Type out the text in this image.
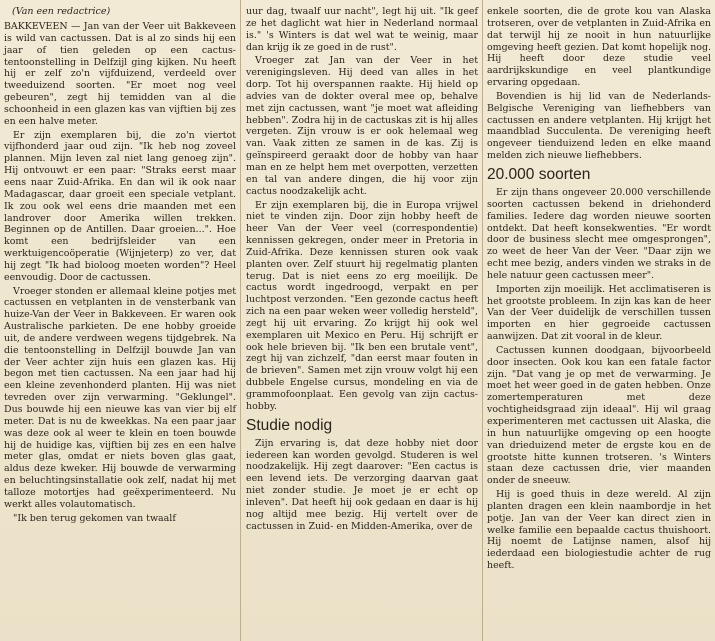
(Van een redactrice)

BAKKEVEEN — Jan van der Veer uit Bakkeveen is wild van cactussen. Dat is al zo sinds hij een jaar of tien geleden op een cactus-tentoonstelling in Delfzijl ging kijken. Nu heeft hij er zelf zo'n vijfduizend, verdeeld over tweeduizend soorten. "Er moet nog veel gebeuren", zegt hij temidden van al die schoonheid in een glazen kas van vijftien bij zes en een halve meter.

Er zijn exemplaren bij, die zo'n viertot vijfhonderd jaar oud zijn. "Ik heb nog zoveel plannen. Mijn leven zal niet lang genoeg zijn". Hij ontvouwt er een paar: "Straks eerst maar eens naar Zuid-Afrika. En dan wil ik ook naar Madagascar, daar groeit een speciale vetplant. Ik zou ook wel eens drie maanden met een landrover door Amerika willen trekken. Beginnen op de Antillen. Daar groeien...". Hoe komt een bedrijfsleider van een werktuigencoöperatie (Wijnjeterp) zo ver, dat hij zegt "Ik had bioloog moeten worden"? Heel eenvoudig. Door de cactussen.

Vroeger stonden er allemaal kleine potjes met cactussen en vetplanten in de vensterbank van huize-Van der Veer in Bakkeveen. Er waren ook Australische parkieten. De ene hobby groeide uit, de andere verdween wegens tijdgebrek. Na die tentoonstelling in Delfzijl bouwde Jan van der Veer achter zijn huis een glazen kas. Hij begon met tien cactussen. Na een jaar had hij een kleine zevenhonderd planten. Hij was niet tevreden over zijn verwarming. "Geklungel". Dus bouwde hij een nieuwe kas van vier bij elf meter. Dat is nu de kweekkas. Na een paar jaar was deze ook al weer te klein en toen bouwde hij de huidige kas, vijftien bij zes en een halve meter glas, omdat er niets boven glas gaat, aldus deze kweker. Hij bouwde de verwarming en beluchtingsinstallatie ook zelf, nadat hij met talloze motortjes had geëxperimenteerd. Nu werkt alles volautomatisch.

"Ik ben terug gekomen van twaalf

uur dag, twaalf uur nacht", legt hij uit. "Ik geef ze het daglicht wat hier in Nederland normaal is." 's Winters is dat wel wat te weinig, maar dan krijg ik ze goed in de rust".

Vroeger zat Jan van der Veer in het verenigingsleven. Hij deed van alles in het dorp. Tot hij overspannen raakte. Hij hield op advies van de dokter overal mee op, behalve met zijn cactussen, want "je moet wat afleiding hebben". Zodra hij in de cactuskas zit is hij alles vergeten. Zijn vrouw is er ook helemaal weg van. Vaak zitten ze samen in de kas. Zij is geïnspireerd geraakt door de hobby van haar man en ze helpt hem met overpotten, verzetten en tal van andere dingen, die hij voor zijn cactus noodzakelijk acht.

Er zijn exemplaren bij, die in Europa vrijwel niet te vinden zijn. Door zijn hobby heeft de heer Van der Veer veel (correspondentie) kennissen gekregen, onder meer in Pretoria in Zuid-Afrika. Deze kennissen sturen ook vaak planten over. Zelf stuurt hij regelmatig planten terug. Dat is niet eens zo erg moeilijk. De cactus wordt ingedroogd, verpakt en per luchtpost verzonden. "Een gezonde cactus heeft zich na een paar weken weer volledig hersteld", zegt hij uit ervaring. Zo krijgt hij ook wel exemplaren uit Mexico en Peru. Hij schrijft er ook hele brieven bij. "Ik ben een brutale vent", zegt hij van zichzelf, "dan eerst maar fouten in de brieven". Samen met zijn vrouw volgt hij een dubbele Engelse cursus, mondeling en via de grammofoonplaat. Een gevolg van zijn cactus-hobby.

Studie nodig

Zijn ervaring is, dat deze hobby niet door iedereen kan worden gevolgd. Studeren is wel noodzakelijk. Hij zegt daarover: "Een cactus is een levend iets. De verzorging daarvan gaat niet zonder studie. Je moet je er echt op inleven". Dat heeft hij ook gedaan en daar is hij nog altijd mee bezig. Hij vertelt over de cactussen in Zuid- en Midden-Amerika, over de

enkele soorten, die de grote kou van Alaska trotseren, over de vetplanten in Zuid-Afrika en dat terwijl hij ze nooit in hun natuurlijke omgeving heeft gezien. Dat komt hopelijk nog. Hij heeft door deze studie veel aardrijkskundige en veel plantkundige ervaring opgedaan.

Bovendien is hij lid van de Nederlands-Belgische Vereniging van liefhebbers van cactussen en andere vetplanten. Hij krijgt het maandblad Succulenta. De vereniging heeft ongeveer tienduizend leden en elke maand melden zich nieuwe liefhebbers.

20.000 soorten

Er zijn thans ongeveer 20.000 verschillende soorten cactussen bekend in driehonderd families. Iedere dag worden nieuwe soorten ontdekt. Dat heeft konsekwenties. "Er wordt door de business slecht mee omgesprongen", zo weet de heer Van der Veer. "Daar zijn we echt mee bezig, anders vinden we straks in de hele natuur geen cactussen meer".

Importen zijn moeilijk. Het acclimatiseren is het grootste probleem. In zijn kas kan de heer Van der Veer duidelijk de verschillen tussen importen en hier gegroeide cactussen aanwijzen. Dat zit vooral in de kleur.

Cactussen kunnen doodgaan, bijvoorbeeld door insecten. Ook kou kan een fatale factor zijn. "Dat vang je op met de verwarming. Je moet het weer goed in de gaten hebben. Onze zomertemperaturen met deze vochtigheidsgraad zijn ideaal". Hij wil graag experimenteren met cactussen uit Alaska, die in hun natuurlijke omgeving op een hoogte van drieduizend meter de ergste kou en de grootste hitte kunnen trotseren. 's Winters staan deze cactussen drie, vier maanden onder de sneeuw.

Hij is goed thuis in deze wereld. Al zijn planten dragen een klein naambordje in het potje. Jan van der Veer kan direct zien in welke familie een bepaalde cactus thuishoort. Hij noemt de Latijnse namen, alsof hij iederdaad een biologiestudie achter de rug heeft.
